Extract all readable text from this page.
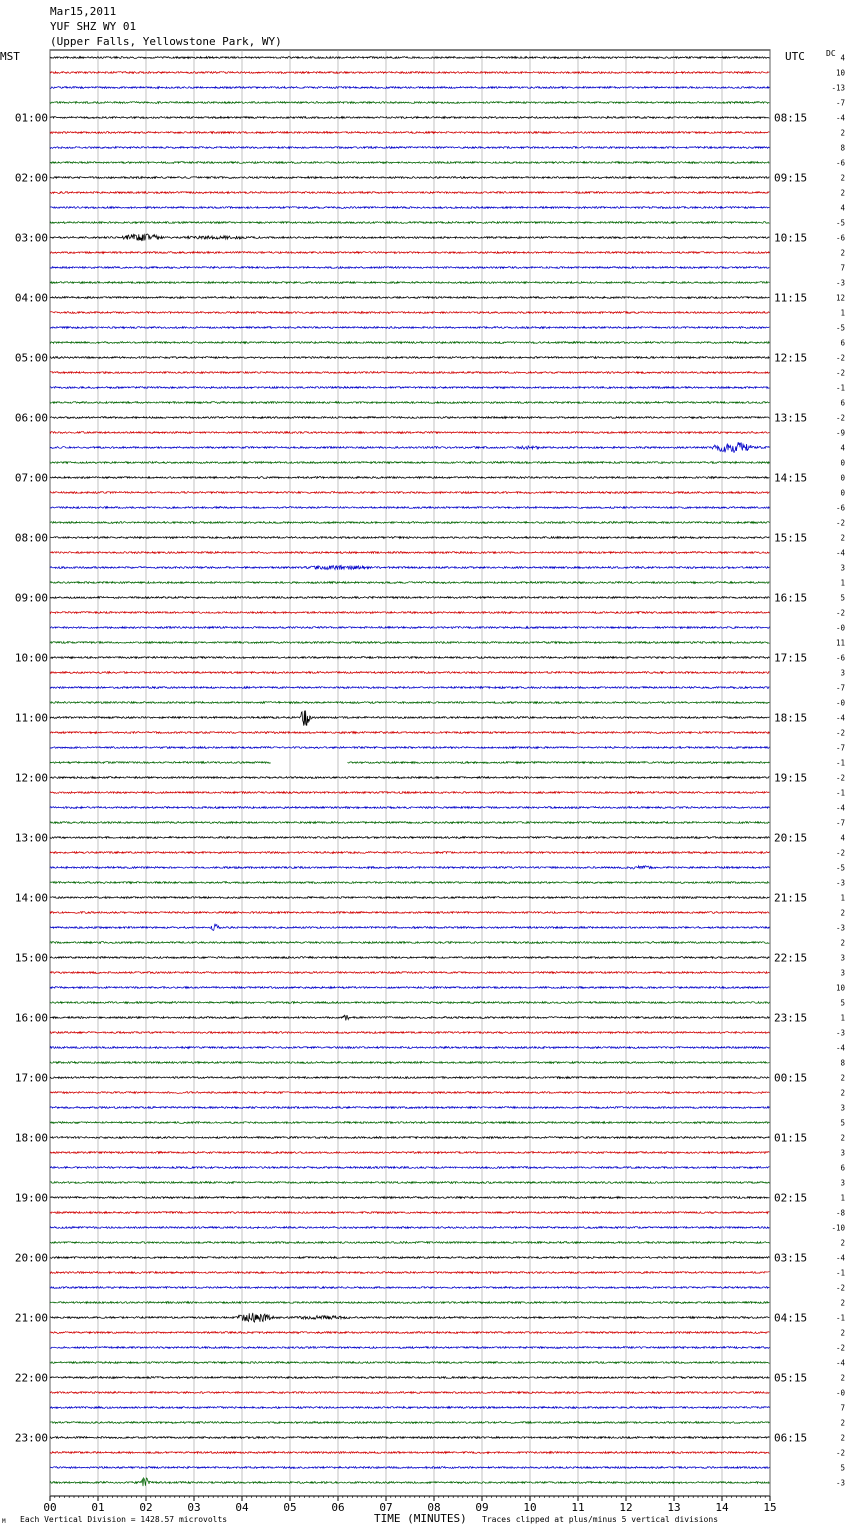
Mar15,2011
YUF SHZ WY 01
(Upper Falls, Yellowstone Park, WY)
MST	UTC	DC
00	01	02	03	04	05	06	07	08	09	10	11	12	13	14	15
4
10
-13
-7
-4
2
8
-6
2
2
4
-5
-6
2
7
-3
12
1
-5
6
-2
-2
-1
6
-2
-9
4
0
0
0
-6
-2
2
-4
3
1
5
-2
-0
11
-6
3
-7
-0
-4
-2
-7
-1
-2
-1
-4
-7
4
-2
-5
-3
1
2
-3
2
3
3
10
5
1
-3
-4
8
2
2
3
5
2
3
6
3
1
-8
-10
2
-4
-1
-2
2
-1
2
-2
-4
2
-0
7
2
2
-2
5
-3
01:00
02:00
03:00
04:00
05:00
06:00
07:00
08:00
09:00
10:00
11:00
12:00
13:00
14:00
15:00
16:00
17:00
18:00
19:00
20:00
21:00
22:00
23:00
08:15
09:15
10:15
11:15
12:15
13:15
14:15
15:15
16:15
17:15
18:15
19:15
20:15
21:15
22:15
23:15
00:15
01:15
02:15
03:15
04:15
05:15
06:15
M Each Vertical Division = 1428.57 microvolts	TIME (MINUTES) Traces clipped at plus/minus 5 vertical divisions
